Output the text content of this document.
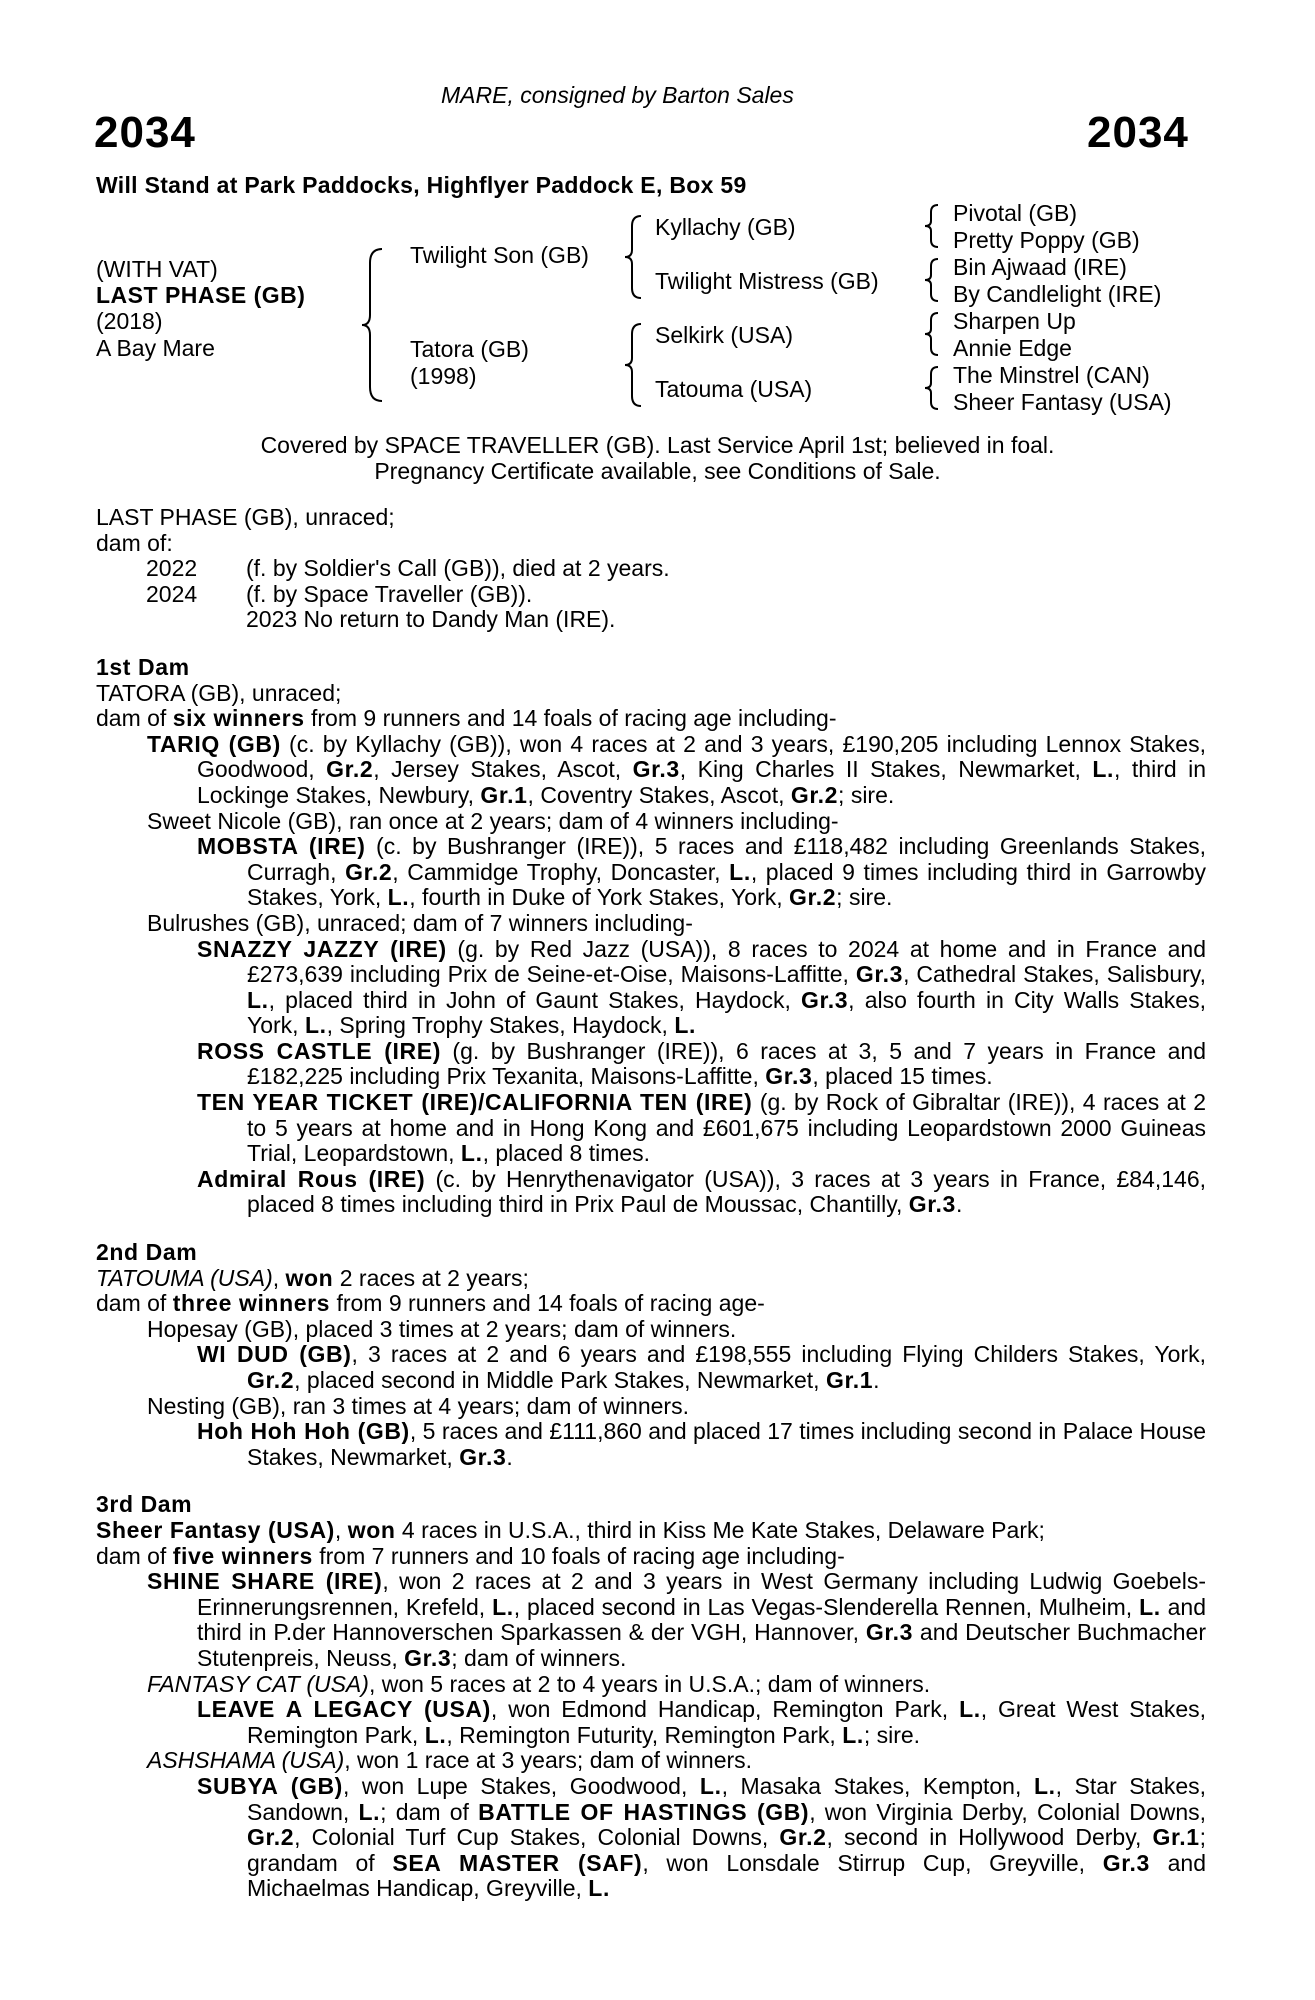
MARE, consigned by Barton Sales
2034	2034
Will Stand at Park Paddocks, Highflyer Paddock E, Box 59
(WITH VAT)
LAST PHASE (GB)
(2018)
A Bay Mare
Twilight Son (GB)
Tatora (GB)
(1998)
Kyllachy (GB)
Twilight Mistress (GB)
Selkirk (USA)
Tatouma (USA)
Pivotal (GB)
Pretty Poppy (GB)
Bin Ajwaad (IRE)
By Candlelight (IRE)
Sharpen Up
Annie Edge
The Minstrel (CAN)
Sheer Fantasy (USA)
Covered by SPACE TRAVELLER (GB). Last Service April 1st; believed in foal.
Pregnancy Certificate available, see Conditions of Sale.

LAST PHASE (GB), unraced;

dam of:

2022	(f. by Soldier's Call (GB)), died at 2 years.
2024	(f. by Space Traveller (GB)).
2023 No return to Dandy Man (IRE).

1st Dam

TATORA (GB), unraced;

dam of six winners from 9 runners and 14 foals of racing age including-

TARIQ (GB) (c. by Kyllachy (GB)), won 4 races at 2 and 3 years, £190,205 including Lennox Stakes, Goodwood, Gr.2, Jersey Stakes, Ascot, Gr.3, King Charles II Stakes, Newmarket, L., third in Lockinge Stakes, Newbury, Gr.1, Coventry Stakes, Ascot, Gr.2; sire.

Sweet Nicole (GB), ran once at 2 years; dam of 4 winners including-

MOBSTA (IRE) (c. by Bushranger (IRE)), 5 races and £118,482 including Greenlands Stakes, Curragh, Gr.2, Cammidge Trophy, Doncaster, L., placed 9 times including third in Garrowby Stakes, York, L., fourth in Duke of York Stakes, York, Gr.2; sire.

Bulrushes (GB), unraced; dam of 7 winners including-

SNAZZY JAZZY (IRE) (g. by Red Jazz (USA)), 8 races to 2024 at home and in France and £273,639 including Prix de Seine-et-Oise, Maisons-Laffitte, Gr.3, Cathedral Stakes, Salisbury, L., placed third in John of Gaunt Stakes, Haydock, Gr.3, also fourth in City Walls Stakes, York, L., Spring Trophy Stakes, Haydock, L.

ROSS CASTLE (IRE) (g. by Bushranger (IRE)), 6 races at 3, 5 and 7 years in France and £182,225 including Prix Texanita, Maisons-Laffitte, Gr.3, placed 15 times.

TEN YEAR TICKET (IRE)/CALIFORNIA TEN (IRE) (g. by Rock of Gibraltar (IRE)), 4 races at 2 to 5 years at home and in Hong Kong and £601,675 including Leopardstown 2000 Guineas Trial, Leopardstown, L., placed 8 times.

Admiral Rous (IRE) (c. by Henrythenavigator (USA)), 3 races at 3 years in France, £84,146, placed 8 times including third in Prix Paul de Moussac, Chantilly, Gr.3.

2nd Dam

TATOUMA (USA), won 2 races at 2 years;

dam of three winners from 9 runners and 14 foals of racing age-

Hopesay (GB), placed 3 times at 2 years; dam of winners.

WI DUD (GB), 3 races at 2 and 6 years and £198,555 including Flying Childers Stakes, York, Gr.2, placed second in Middle Park Stakes, Newmarket, Gr.1.

Nesting (GB), ran 3 times at 4 years; dam of winners.

Hoh Hoh Hoh (GB), 5 races and £111,860 and placed 17 times including second in Palace House Stakes, Newmarket, Gr.3.

3rd Dam

Sheer Fantasy (USA), won 4 races in U.S.A., third in Kiss Me Kate Stakes, Delaware Park;

dam of five winners from 7 runners and 10 foals of racing age including-

SHINE SHARE (IRE), won 2 races at 2 and 3 years in West Germany including Ludwig Goebels-Erinnerungsrennen, Krefeld, L., placed second in Las Vegas-Slenderella Rennen, Mulheim, L. and third in P.der Hannoverschen Sparkassen & der VGH, Hannover, Gr.3 and Deutscher Buchmacher Stutenpreis, Neuss, Gr.3; dam of winners.

FANTASY CAT (USA), won 5 races at 2 to 4 years in U.S.A.; dam of winners.

LEAVE A LEGACY (USA), won Edmond Handicap, Remington Park, L., Great West Stakes, Remington Park, L., Remington Futurity, Remington Park, L.; sire.

ASHSHAMA (USA), won 1 race at 3 years; dam of winners.

SUBYA (GB), won Lupe Stakes, Goodwood, L., Masaka Stakes, Kempton, L., Star Stakes, Sandown, L.; dam of BATTLE OF HASTINGS (GB), won Virginia Derby, Colonial Downs, Gr.2, Colonial Turf Cup Stakes, Colonial Downs, Gr.2, second in Hollywood Derby, Gr.1; grandam of SEA MASTER (SAF), won Lonsdale Stirrup Cup, Greyville, Gr.3 and Michaelmas Handicap, Greyville, L.
